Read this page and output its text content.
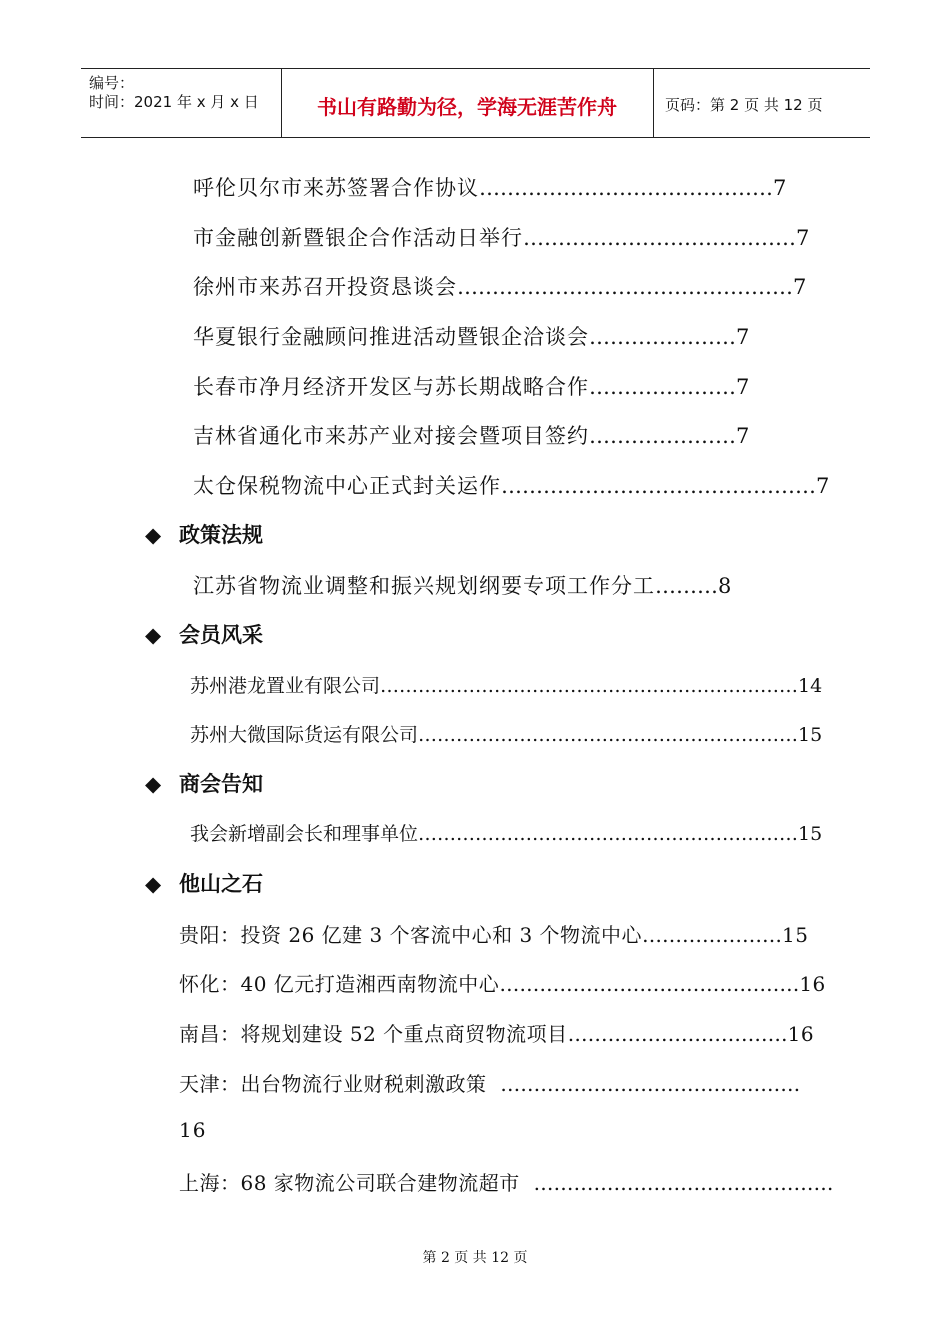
编号：
时间：2021 年 x 月 x 日	书山有路勤为径，学海无涯苦作舟	页码：第 2 页 共 12 页
呼伦贝尔市来苏签署合作协议……………………………………7
市金融创新暨银企合作活动日举行…………………………………7
徐州市来苏召开投资恳谈会…………………………………………7
华夏银行金融顾问推进活动暨银企洽谈会…………………7
长春市净月经济开发区与苏长期战略合作…………………7
吉林省通化市来苏产业对接会暨项目签约…………………7
太仓保税物流中心正式封关运作………………………………………7
◆ 政策法规
江苏省物流业调整和振兴规划纲要专项工作分工………8
◆ 会员风采
苏州港龙置业有限公司…………………………………………………………14
苏州大微国际货运有限公司……………………………………………………15
◆ 商会告知
我会新增副会长和理事单位……………………………………………………15
◆ 他山之石
贵阳：投资 26 亿建 3 个客流中心和 3 个物流中心…………………15
怀化：40 亿元打造湘西南物流中心………………………………………16
南昌：将规划建设 52 个重点商贸物流项目……………………………16
天津：出台物流行业财税刺激政策 ………………………………………
16
上海：68 家物流公司联合建物流超市 ………………………………………
第 2 页 共 12 页
